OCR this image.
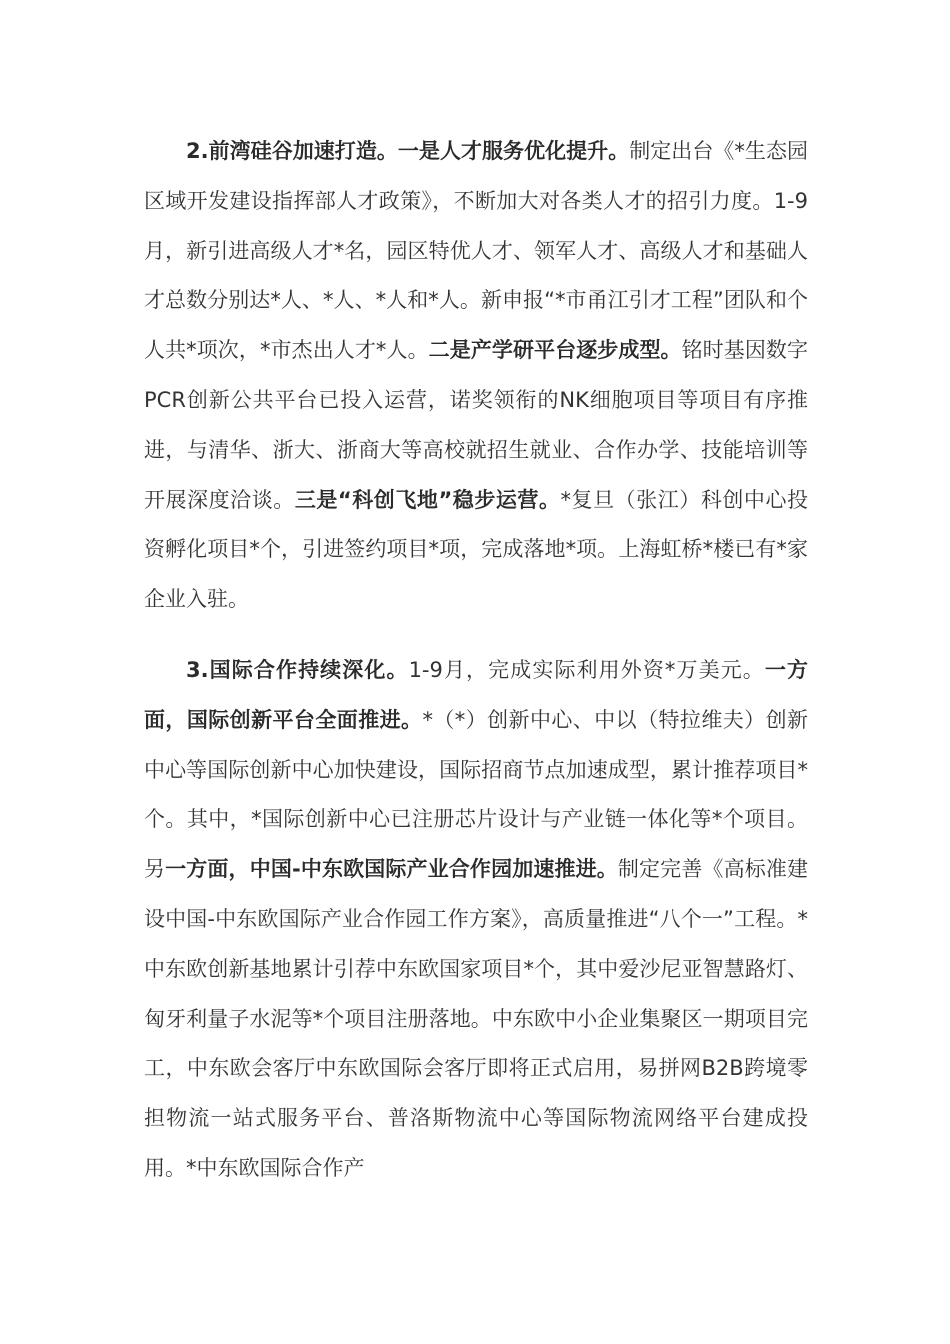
2.前湾硅谷加速打造。一是人才服务优化提升。制定出台《*生态园区域开发建设指挥部人才政策》，不断加大对各类人才的招引力度。1-9月，新引进高级人才*名，园区特优人才、领军人才、高级人才和基础人才总数分别达*人、*人、*人和*人。新申报“*市甬江引才工程”团队和个人共*项次，*市杰出人才*人。二是产学研平台逐步成型。铭时基因数字PCR创新公共平台已投入运营，诺奖领衔的NK细胞项目等项目有序推进，与清华、浙大、浙商大等高校就招生就业、合作办学、技能培训等开展深度洽谈。三是“科创飞地”稳步运营。*复旦（张江）科创中心投资孵化项目*个，引进签约项目*项，完成落地*项。上海虹桥*楼已有*家企业入驻。

3.国际合作持续深化。1-9月，完成实际利用外资*万美元。一方面，国际创新平台全面推进。*（*）创新中心、中以（特拉维夫）创新中心等国际创新中心加快建设，国际招商节点加速成型，累计推荐项目*个。其中，*国际创新中心已注册芯片设计与产业链一体化等*个项目。另一方面，中国-中东欧国际产业合作园加速推进。制定完善《高标准建设中国-中东欧国际产业合作园工作方案》，高质量推进“八个一”工程。*中东欧创新基地累计引荐中东欧国家项目*个，其中爱沙尼亚智慧路灯、匈牙利量子水泥等*个项目注册落地。中东欧中小企业集聚区一期项目完工，中东欧会客厅中东欧国际会客厅即将正式启用，易拼网B2B跨境零担物流一站式服务平台、普洛斯物流中心等国际物流网络平台建成投用。*中东欧国际合作产
